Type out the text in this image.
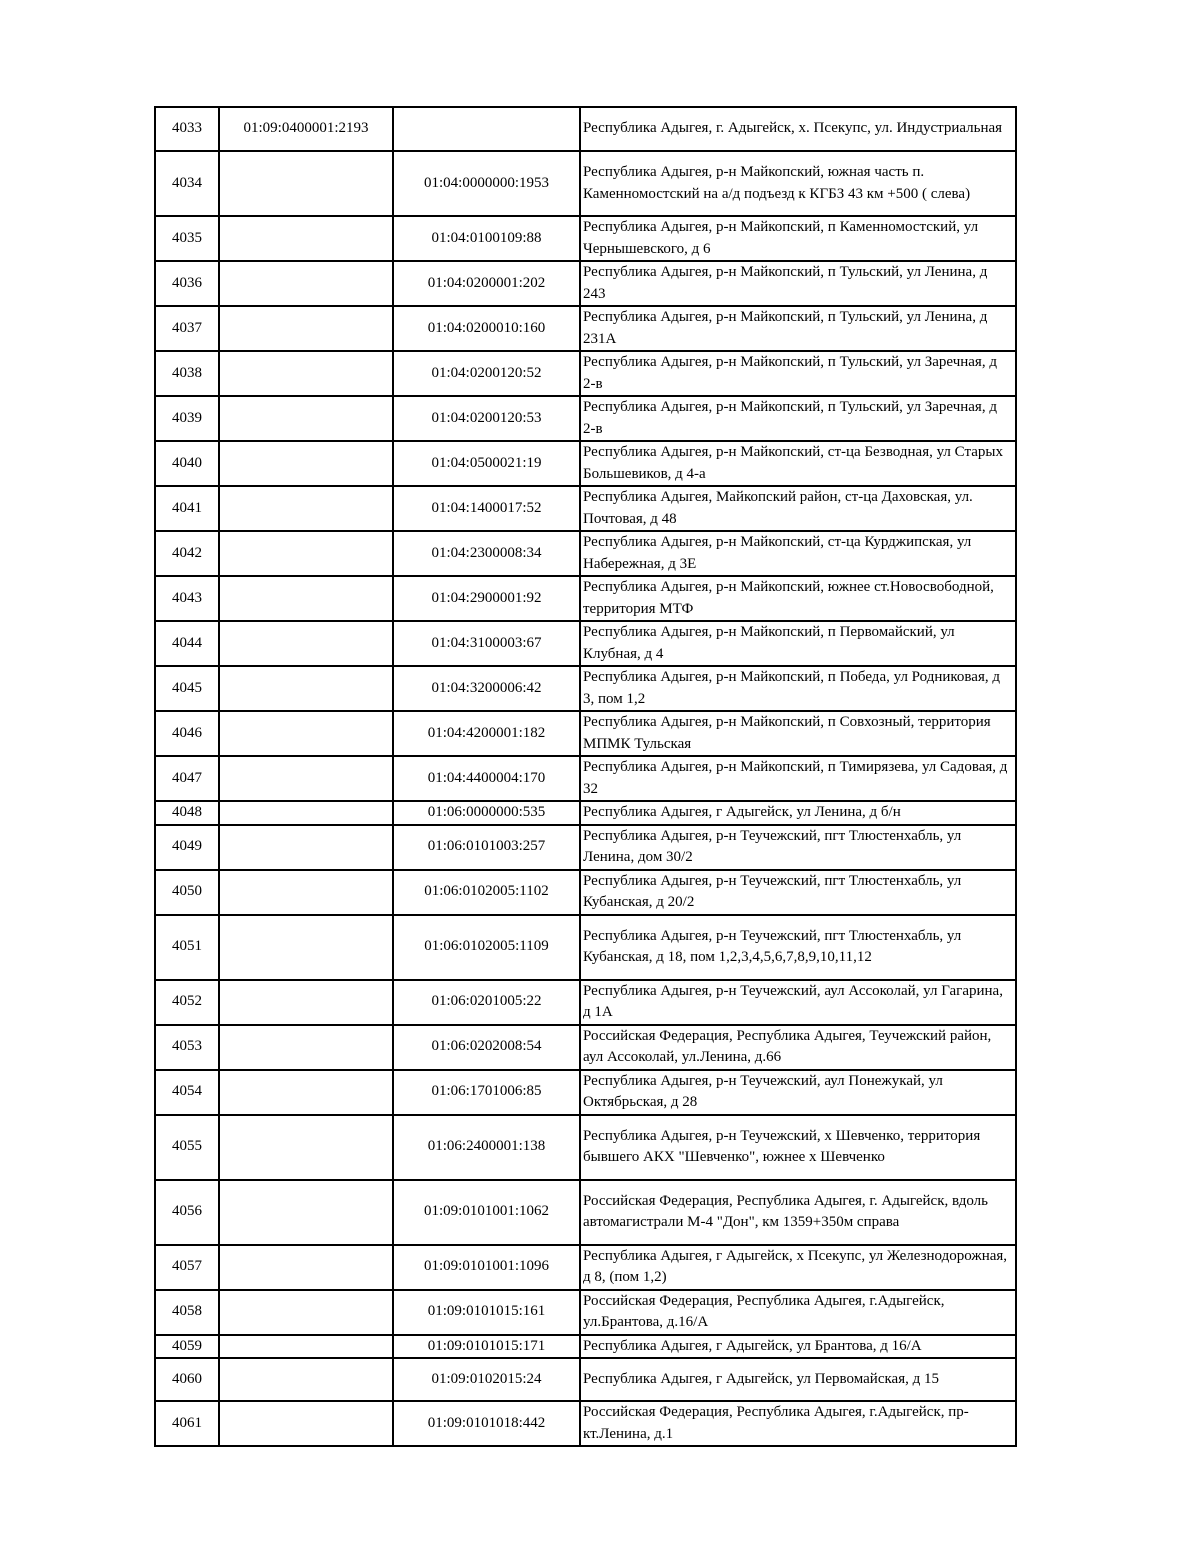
4033	01:09:0400001:2193		Республика Адыгея, г. Адыгейск, х. Псекупс, ул. Индустриальная
4034		01:04:0000000:1953	Республика Адыгея, р-н Майкопский, южная часть п. Каменномостский на а/д подъезд к КГБЗ 43 км +500 ( слева)
4035		01:04:0100109:88	Республика Адыгея, р-н Майкопский, п Каменномостский, ул Чернышевского, д 6
4036		01:04:0200001:202	Республика Адыгея, р-н Майкопский, п Тульский, ул Ленина, д 243
4037		01:04:0200010:160	Республика Адыгея, р-н Майкопский, п Тульский, ул Ленина, д 231А
4038		01:04:0200120:52	Республика Адыгея, р-н Майкопский, п Тульский, ул Заречная, д 2-в
4039		01:04:0200120:53	Республика Адыгея, р-н Майкопский, п Тульский, ул Заречная, д 2-в
4040		01:04:0500021:19	Республика Адыгея, р-н Майкопский, ст-ца Безводная, ул Старых Большевиков, д 4-а
4041		01:04:1400017:52	Республика Адыгея, Майкопский район, ст-ца Даховская, ул. Почтовая, д 48
4042		01:04:2300008:34	Республика Адыгея, р-н Майкопский, ст-ца Курджипская, ул Набережная, д 3Е
4043		01:04:2900001:92	Республика Адыгея, р-н Майкопский, южнее ст.Новосвободной, территория МТФ
4044		01:04:3100003:67	Республика Адыгея, р-н Майкопский, п Первомайский, ул Клубная, д 4
4045		01:04:3200006:42	Республика Адыгея, р-н Майкопский, п Победа, ул Родниковая, д 3, пом 1,2
4046		01:04:4200001:182	Республика Адыгея, р-н Майкопский, п Совхозный, территория МПМК Тульская
4047		01:04:4400004:170	Республика Адыгея, р-н Майкопский, п Тимирязева, ул Садовая, д 32
4048		01:06:0000000:535	Республика Адыгея, г Адыгейск, ул Ленина, д б/н
4049		01:06:0101003:257	Республика Адыгея, р-н Теучежский, пгт Тлюстенхабль, ул Ленина, дом 30/2
4050		01:06:0102005:1102	Республика Адыгея, р-н Теучежский, пгт Тлюстенхабль, ул Кубанская, д 20/2
4051		01:06:0102005:1109	Республика Адыгея, р-н Теучежский, пгт Тлюстенхабль, ул Кубанская, д 18, пом 1,2,3,4,5,6,7,8,9,10,11,12
4052		01:06:0201005:22	Республика Адыгея, р-н Теучежский, аул Ассоколай, ул Гагарина, д 1А
4053		01:06:0202008:54	Российская Федерация, Республика Адыгея, Теучежский район, аул Ассоколай, ул.Ленина, д.66
4054		01:06:1701006:85	Республика Адыгея, р-н Теучежский, аул Понежукай, ул Октябрьская, д 28
4055		01:06:2400001:138	Республика Адыгея, р-н Теучежский, х Шевченко, территория бывшего АКХ "Шевченко", южнее х Шевченко
4056		01:09:0101001:1062	Российская Федерация, Республика Адыгея, г. Адыгейск, вдоль автомагистрали М-4 "Дон", км 1359+350м справа
4057		01:09:0101001:1096	Республика Адыгея, г Адыгейск, х Псекупс, ул Железнодорожная, д 8, (пом 1,2)
4058		01:09:0101015:161	Российская Федерация, Республика Адыгея, г.Адыгейск, ул.Брантова, д.16/А
4059		01:09:0101015:171	Республика Адыгея, г Адыгейск, ул Брантова, д 16/А
4060		01:09:0102015:24	Республика Адыгея, г Адыгейск, ул Первомайская, д 15
4061		01:09:0101018:442	Российская Федерация, Республика Адыгея, г.Адыгейск, пр-кт.Ленина, д.1
